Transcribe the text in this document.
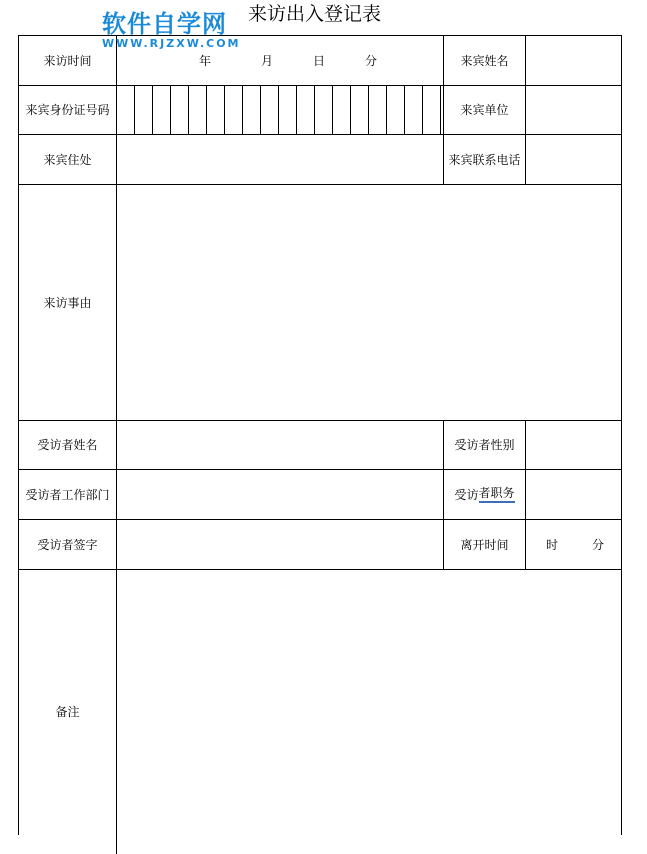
软件自学网
WWW.RJZXW.COM
来访出入登记表
来访时间	年	月	日	分	来宾姓名
来宾身份证号码	来宾单位
来宾住处	来宾联系电话
来访事由
受访者姓名	受访者性别
受访者工作部门	受访 者职务
受访者签字	离开时间	时	分
备注
